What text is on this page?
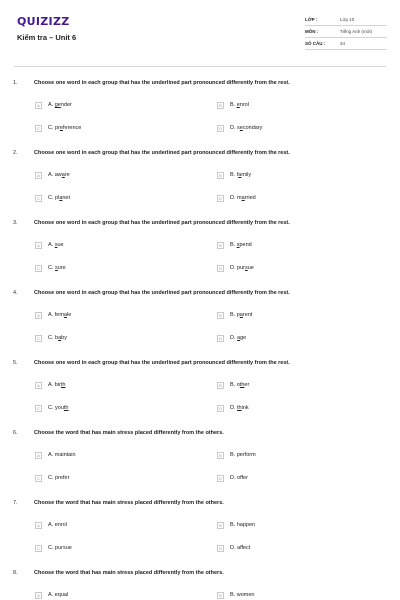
QUIZIZZ
Kiểm tra – Unit 6
LỚP :	Lớp 10
MÔN :	Tiếng Anh (mới)
SỐ CÂU :	34
1.	Choose one word in each group that has the underlined part pronounced differently from the rest.
A	A. gender	B	B. enrol
C	C. preference	D	D. secondary
2.	Choose one word in each group that has the underlined part pronounced differently from the rest.
A	A. aware	B	B. family
C	C. planet	D	D. married
3.	Choose one word in each group that has the underlined part pronounced differently from the rest.
A	A. sue	B	B. spend
C	C. sure	D	D. pursue
4.	Choose one word in each group that has the underlined part pronounced differently from the rest.
A	A. female	B	B. parent
C	C. baby	D	D. age
5.	Choose one word in each group that has the underlined part pronounced differently from the rest.
A	A. birth	B	B. other
C	C. youth	D	D. think
6.	Choose the word that has main stress placed differently from the others.
A	A. maintain	B	B. perform
C	C. prefer	D	D. offer
7.	Choose the word that has main stress placed differently from the others.
A	A. enrol	B	B. happen
C	C. pursue	D	D. affect
8.	Choose the word that has main stress placed differently from the others.
A	A. equal	B	B. women
